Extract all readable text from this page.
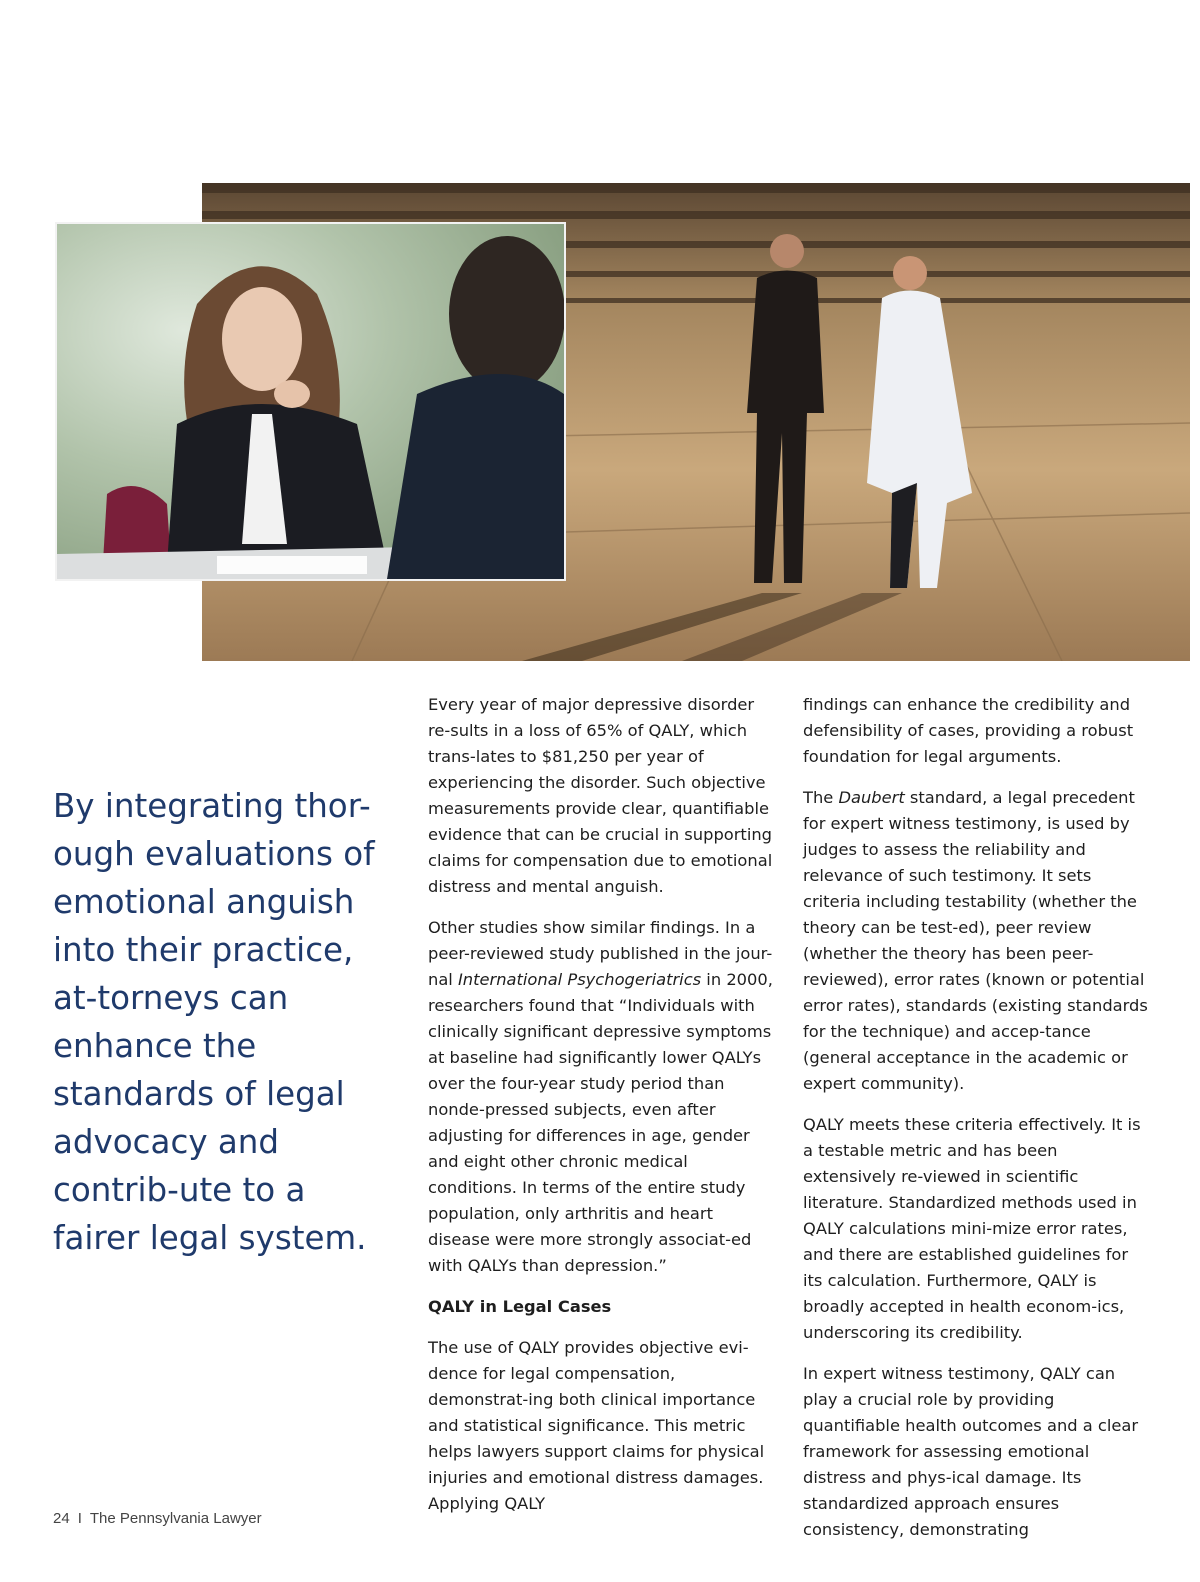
By integrating thor-ough evaluations of emotional anguish into their practice, at-torneys can enhance the standards of legal advocacy and contrib-ute to a fairer legal system.

Every year of major depressive disorder re-sults in a loss of 65% of QALY, which trans-lates to $81,250 per year of experiencing the disorder. Such objective measurements provide clear, quantifiable evidence that can be crucial in supporting claims for compensation due to emotional distress and mental anguish.

Other studies show similar findings. In a peer-reviewed study published in the jour-nal International Psychogeriatrics in 2000, researchers found that “Individuals with clinically significant depressive symptoms at baseline had significantly lower QALYs over the four-year study period than nonde-pressed subjects, even after adjusting for differences in age, gender and eight other chronic medical conditions. In terms of the entire study population, only arthritis and heart disease were more strongly associat-ed with QALYs than depression.”

QALY in Legal Cases

The use of QALY provides objective evi-dence for legal compensation, demonstrat-ing both clinical importance and statistical significance. This metric helps lawyers support claims for physical injuries and emotional distress damages. Applying QALY

findings can enhance the credibility and defensibility of cases, providing a robust foundation for legal arguments.

The Daubert standard, a legal precedent for expert witness testimony, is used by judges to assess the reliability and relevance of such testimony. It sets criteria including testability (whether the theory can be test-ed), peer review (whether the theory has been peer-reviewed), error rates (known or potential error rates), standards (existing standards for the technique) and accep-tance (general acceptance in the academic or expert community).

QALY meets these criteria effectively. It is a testable metric and has been extensively re-viewed in scientific literature. Standardized methods used in QALY calculations mini-mize error rates, and there are established guidelines for its calculation. Furthermore, QALY is broadly accepted in health econom-ics, underscoring its credibility.

In expert witness testimony, QALY can play a crucial role by providing quantifiable health outcomes and a clear framework for assessing emotional distress and phys-ical damage. Its standardized approach ensures consistency, demonstrating

24 I The Pennsylvania Lawyer
